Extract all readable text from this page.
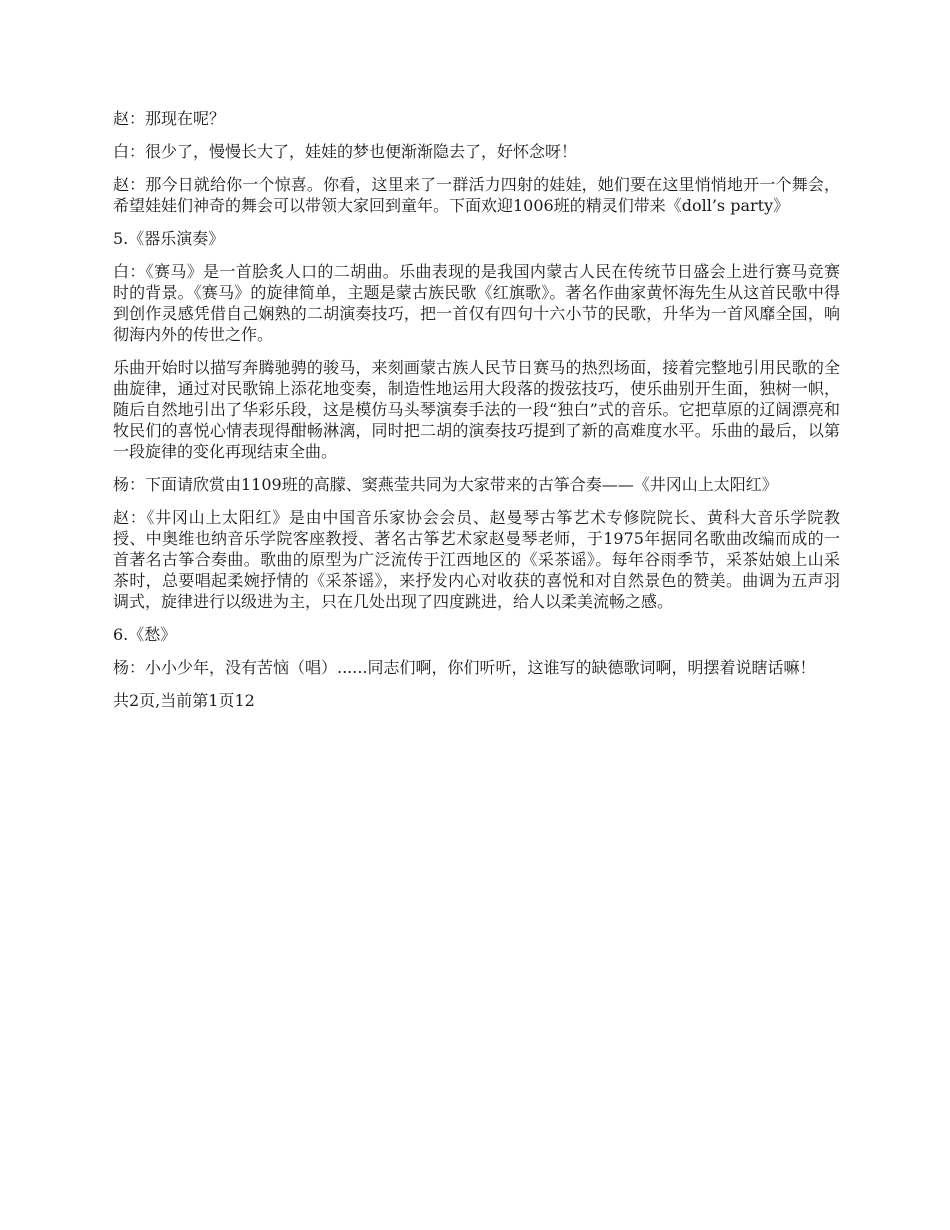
赵：那现在呢？

白：很少了，慢慢长大了，娃娃的梦也便渐渐隐去了，好怀念呀！

赵：那今日就给你一个惊喜。你看，这里来了一群活力四射的娃娃，她们要在这里悄悄地开一个舞会，希望娃娃们神奇的舞会可以带领大家回到童年。下面欢迎1006班的精灵们带来《doll’s party》

5.《器乐演奏》

白：《赛马》是一首脍炙人口的二胡曲。乐曲表现的是我国内蒙古人民在传统节日盛会上进行赛马竞赛时的背景。《赛马》的旋律简单，主题是蒙古族民歌《红旗歌》。著名作曲家黄怀海先生从这首民歌中得到创作灵感凭借自己娴熟的二胡演奏技巧，把一首仅有四句十六小节的民歌，升华为一首风靡全国，响彻海内外的传世之作。

乐曲开始时以描写奔腾驰骋的骏马，来刻画蒙古族人民节日赛马的热烈场面，接着完整地引用民歌的全曲旋律，通过对民歌锦上添花地变奏，制造性地运用大段落的拨弦技巧，使乐曲别开生面，独树一帜，随后自然地引出了华彩乐段，这是模仿马头琴演奏手法的一段“独白”式的音乐。它把草原的辽阔漂亮和牧民们的喜悦心情表现得酣畅淋漓，同时把二胡的演奏技巧提到了新的高难度水平。乐曲的最后，以第一段旋律的变化再现结束全曲。

杨：下面请欣赏由1109班的高朦、窦燕莹共同为大家带来的古筝合奏——《井冈山上太阳红》

赵：《井冈山上太阳红》是由中国音乐家协会会员、赵曼琴古筝艺术专修院院长、黄科大音乐学院教授、中奥维也纳音乐学院客座教授、著名古筝艺术家赵曼琴老师，于1975年据同名歌曲改编而成的一首著名古筝合奏曲。歌曲的原型为广泛流传于江西地区的《采茶谣》。每年谷雨季节，采茶姑娘上山采茶时，总要唱起柔婉抒情的《采茶谣》，来抒发内心对收获的喜悦和对自然景色的赞美。曲调为五声羽调式，旋律进行以级进为主，只在几处出现了四度跳进，给人以柔美流畅之感。

6.《愁》

杨：小小少年，没有苦恼（唱）......同志们啊，你们听听，这谁写的缺德歌词啊，明摆着说瞎话嘛！

共2页,当前第1页12
